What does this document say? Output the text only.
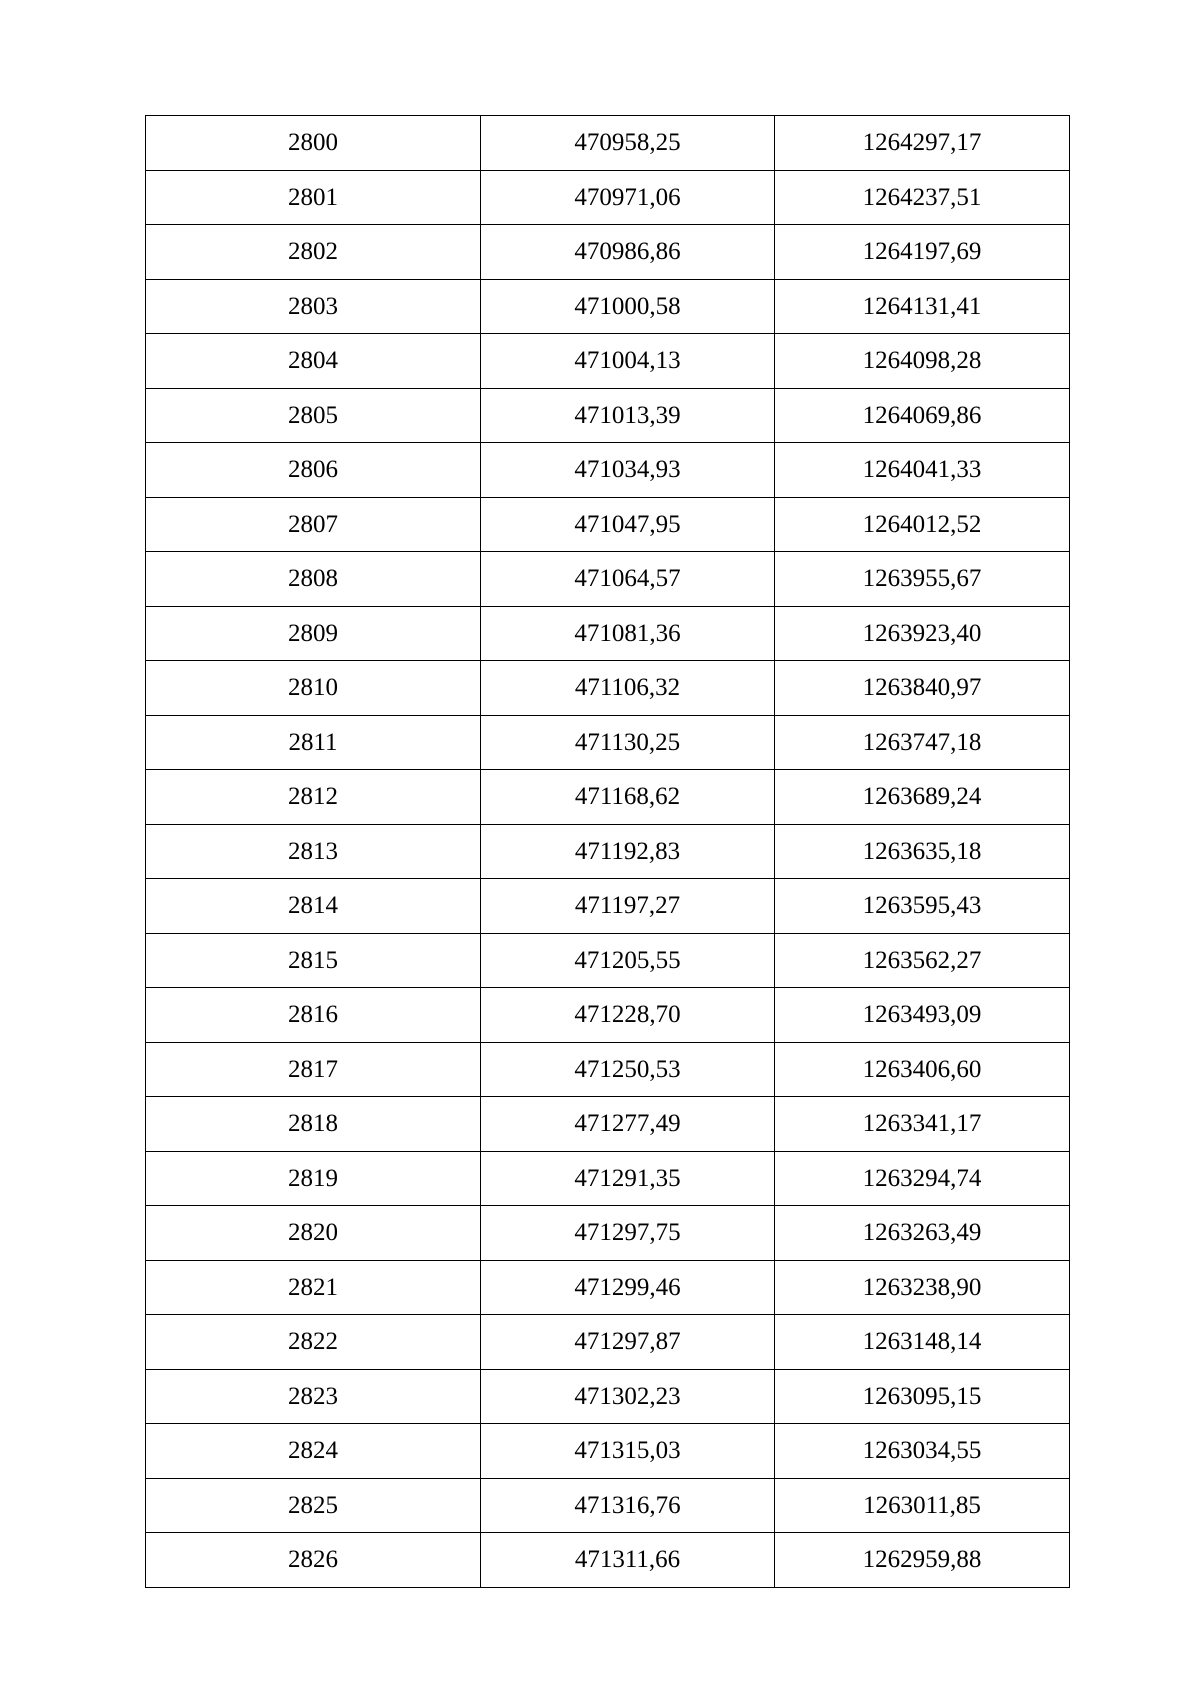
2800	470958,25	1264297,17
2801	470971,06	1264237,51
2802	470986,86	1264197,69
2803	471000,58	1264131,41
2804	471004,13	1264098,28
2805	471013,39	1264069,86
2806	471034,93	1264041,33
2807	471047,95	1264012,52
2808	471064,57	1263955,67
2809	471081,36	1263923,40
2810	471106,32	1263840,97
2811	471130,25	1263747,18
2812	471168,62	1263689,24
2813	471192,83	1263635,18
2814	471197,27	1263595,43
2815	471205,55	1263562,27
2816	471228,70	1263493,09
2817	471250,53	1263406,60
2818	471277,49	1263341,17
2819	471291,35	1263294,74
2820	471297,75	1263263,49
2821	471299,46	1263238,90
2822	471297,87	1263148,14
2823	471302,23	1263095,15
2824	471315,03	1263034,55
2825	471316,76	1263011,85
2826	471311,66	1262959,88
